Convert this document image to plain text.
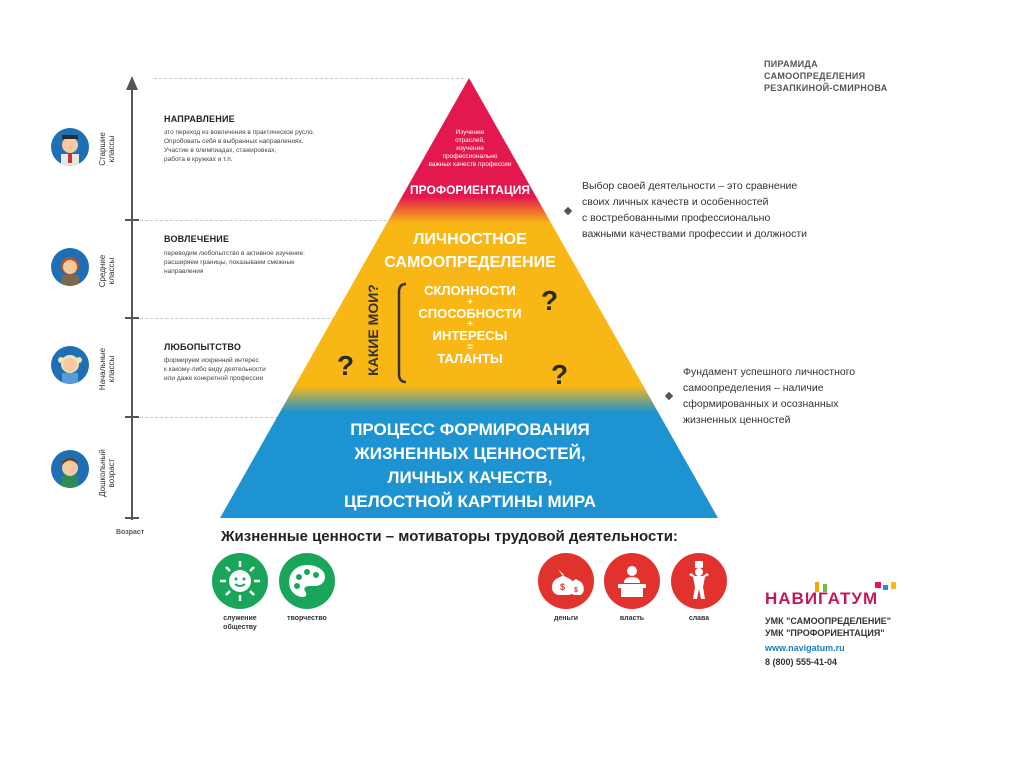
ПИРАМИДА
САМООПРЕДЕЛЕНИЯ
РЕЗАПКИНОЙ-СМИРНОВА
Возраст
Старшие классы
НАПРАВЛЕНИЕ
это переход из вовлечения в практическое русло.
Опробовать себя в выбранных направлениях.
Участие в олимпиадах, стажировках,
работа в кружках и т.п.
Средние классы
ВОВЛЕЧЕНИЕ
переводим любопытство в активное изучение:
расширяем границы, показываем смежные
направления
Начальные классы
ЛЮБОПЫТСТВО
формируем искренний интерес
к какому-либо виду деятельности
или даже конкретной профессии
Дошкольный возраст
Изучение
отраслей,
изучение
профессионально
важных качеств профессии
ПРОФОРИЕНТАЦИЯ
ЛИЧНОСТНОЕ
САМООПРЕДЕЛЕНИЕ
КАКИЕ МОИ?	СКЛОННОСТИ
+
СПОСОБНОСТИ
+
ИНТЕРЕСЫ
=
ТАЛАНТЫ
?
?	?
ПРОЦЕСС ФОРМИРОВАНИЯ
ЖИЗНЕННЫХ ЦЕННОСТЕЙ,
ЛИЧНЫХ КАЧЕСТВ,
ЦЕЛОСТНОЙ КАРТИНЫ МИРА
Выбор своей деятельности – это сравнение
своих личных качеств и особенностей
с востребованными профессионально
важными качествами профессии и должности
Фундамент успешного личностного
самоопределения – наличие
сформированных и осознанных
жизненных ценностей
Жизненные ценности – мотиваторы трудовой деятельности:
служение
обществу
творчество
$ $
деньги	власть	слава
НАВИГАТУМ
УМК "САМООПРЕДЕЛЕНИЕ"
УМК "ПРОФОРИЕНТАЦИЯ"
www.navigatum.ru
8 (800) 555-41-04
